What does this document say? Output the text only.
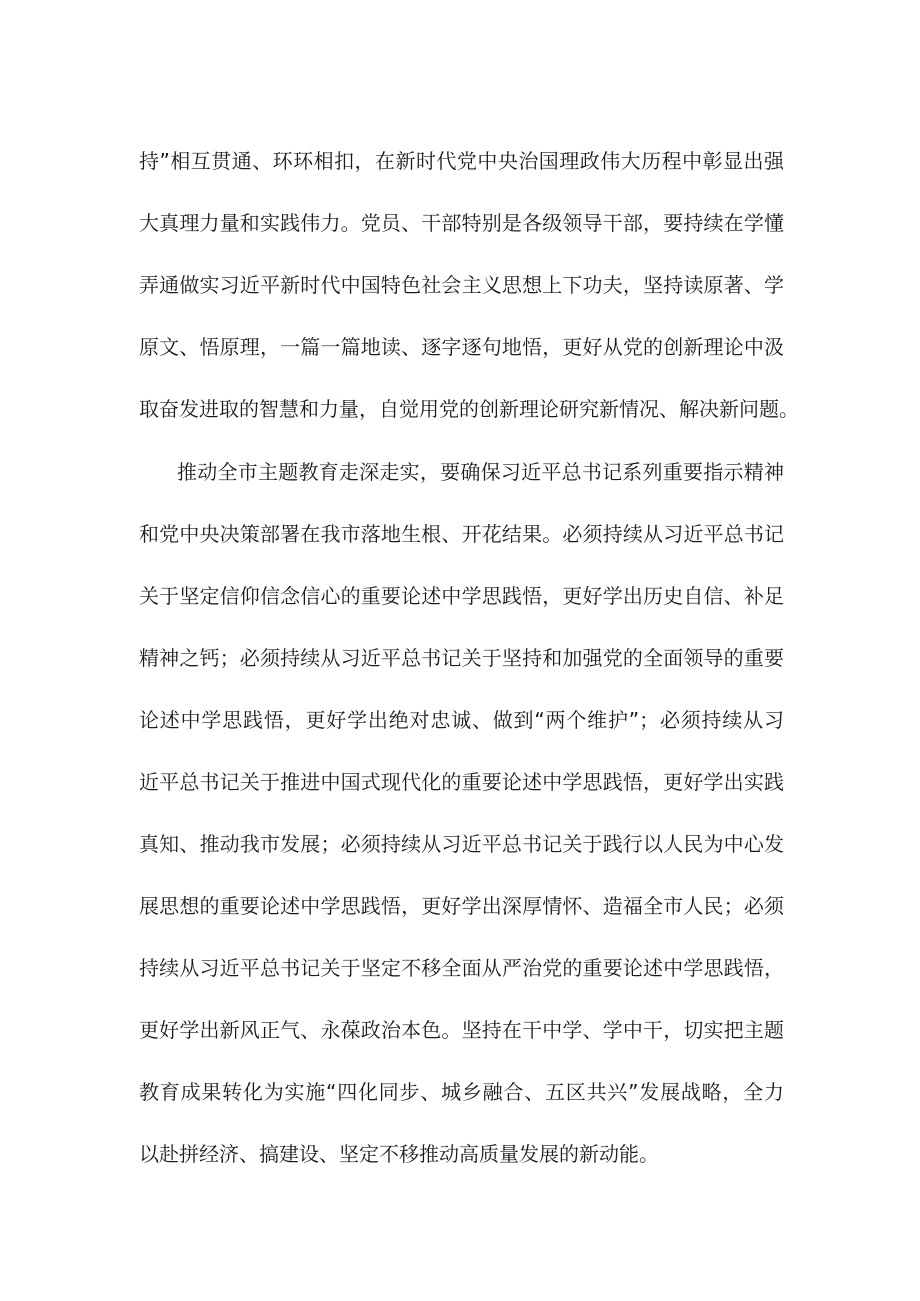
持”相互贯通、环环相扣，在新时代党中央治国理政伟大历程中彰显出强
大真理力量和实践伟力。党员、干部特别是各级领导干部，要持续在学懂
弄通做实习近平新时代中国特色社会主义思想上下功夫，坚持读原著、学
原文、悟原理，一篇一篇地读、逐字逐句地悟，更好从党的创新理论中汲
取奋发进取的智慧和力量，自觉用党的创新理论研究新情况、解决新问题。
推动全市主题教育走深走实，要确保习近平总书记系列重要指示精神
和党中央决策部署在我市落地生根、开花结果。必须持续从习近平总书记
关于坚定信仰信念信心的重要论述中学思践悟，更好学出历史自信、补足
精神之钙；必须持续从习近平总书记关于坚持和加强党的全面领导的重要
论述中学思践悟，更好学出绝对忠诚、做到“两个维护”；必须持续从习
近平总书记关于推进中国式现代化的重要论述中学思践悟，更好学出实践
真知、推动我市发展；必须持续从习近平总书记关于践行以人民为中心发
展思想的重要论述中学思践悟，更好学出深厚情怀、造福全市人民；必须
持续从习近平总书记关于坚定不移全面从严治党的重要论述中学思践悟，
更好学出新风正气、永葆政治本色。坚持在干中学、学中干，切实把主题
教育成果转化为实施“四化同步、城乡融合、五区共兴”发展战略，全力
以赴拼经济、搞建设、坚定不移推动高质量发展的新动能。
